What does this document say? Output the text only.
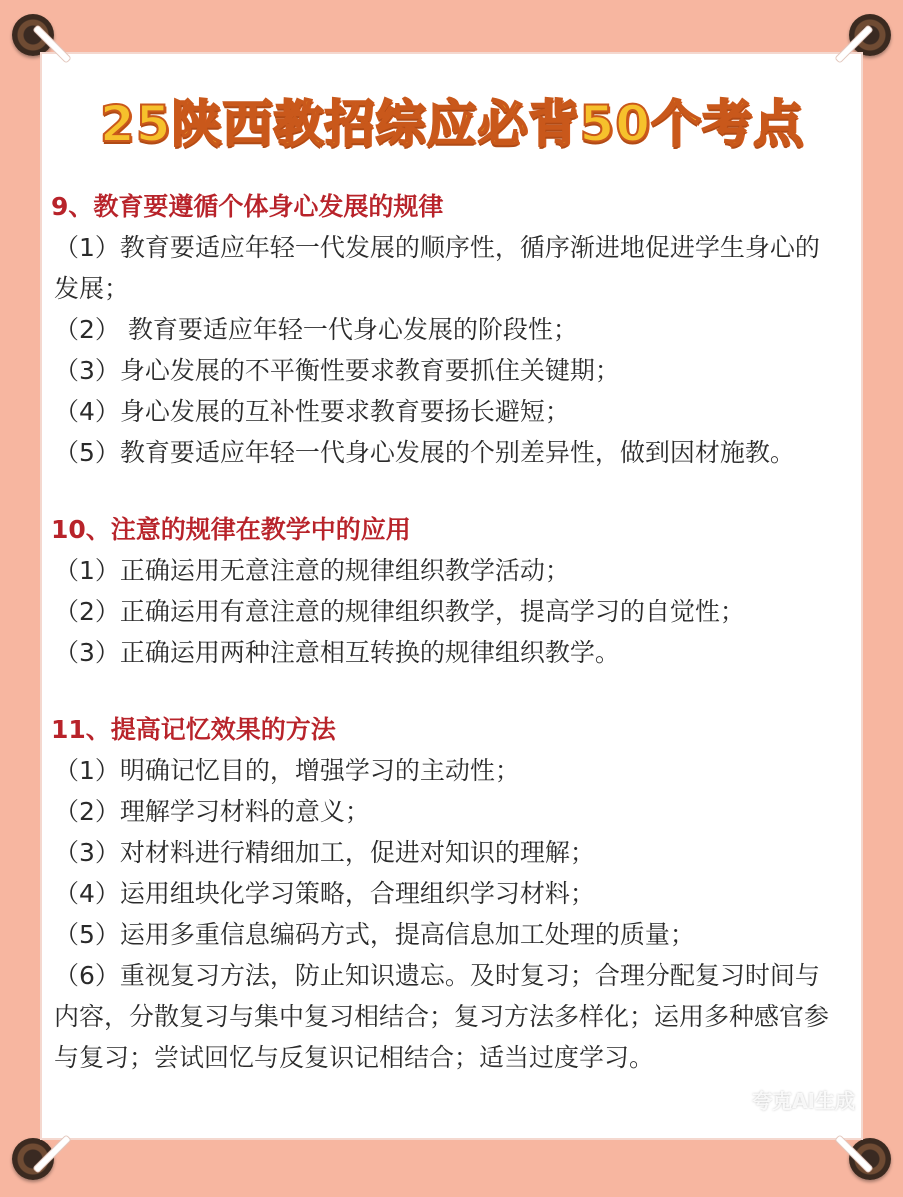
25陕西教招综应必背50个考点
9、教育要遵循个体身心发展的规律
（1）教育要适应年轻一代发展的顺序性，循序渐进地促进学生身心的发展；
（2） 教育要适应年轻一代身心发展的阶段性；
（3）身心发展的不平衡性要求教育要抓住关键期；
（4）身心发展的互补性要求教育要扬长避短；
（5）教育要适应年轻一代身心发展的个别差异性，做到因材施教。
10、注意的规律在教学中的应用
（1）正确运用无意注意的规律组织教学活动；
（2）正确运用有意注意的规律组织教学，提高学习的自觉性；
（3）正确运用两种注意相互转换的规律组织教学。
11、提高记忆效果的方法
（1）明确记忆目的，增强学习的主动性；
（2）理解学习材料的意义；
（3）对材料进行精细加工，促进对知识的理解；
（4）运用组块化学习策略，合理组织学习材料；
（5）运用多重信息编码方式，提高信息加工处理的质量；
（6）重视复习方法，防止知识遗忘。及时复习；合理分配复习时间与内容，分散复习与集中复习相结合；复习方法多样化；运用多种感官参与复习；尝试回忆与反复识记相结合；适当过度学习。
夸克AI生成
